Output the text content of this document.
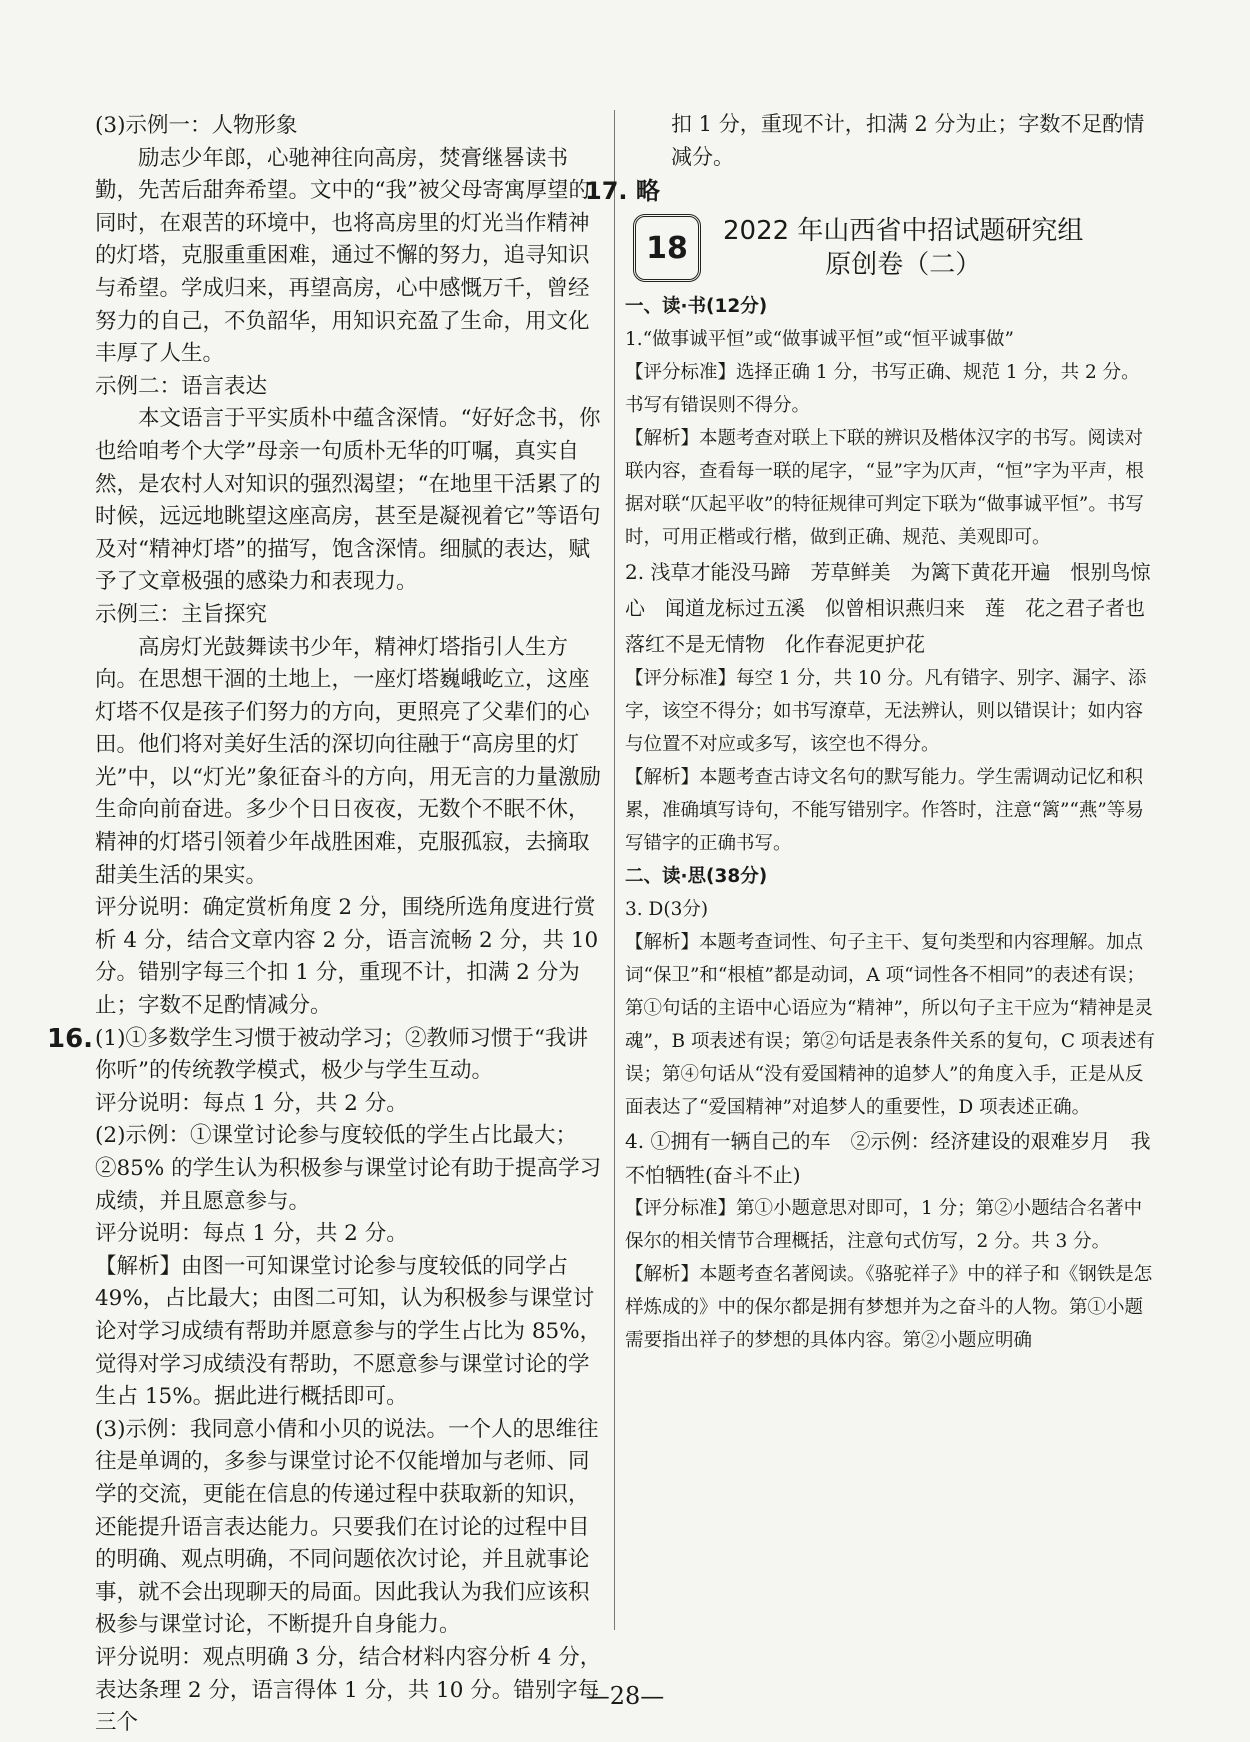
(3)示例一：人物形象

励志少年郎，心驰神往向高房，焚膏继晷读书勤，先苦后甜奔希望。文中的“我”被父母寄寓厚望的同时，在艰苦的环境中，也将高房里的灯光当作精神的灯塔，克服重重困难，通过不懈的努力，追寻知识与希望。学成归来，再望高房，心中感慨万千，曾经努力的自己，不负韶华，用知识充盈了生命，用文化丰厚了人生。

示例二：语言表达

本文语言于平实质朴中蕴含深情。“好好念书，你也给咱考个大学”母亲一句质朴无华的叮嘱，真实自然，是农村人对知识的强烈渴望；“在地里干活累了的时候，远远地眺望这座高房，甚至是凝视着它”等语句及对“精神灯塔”的描写，饱含深情。细腻的表达，赋予了文章极强的感染力和表现力。

示例三：主旨探究

高房灯光鼓舞读书少年，精神灯塔指引人生方向。在思想干涸的土地上，一座灯塔巍峨屹立，这座灯塔不仅是孩子们努力的方向，更照亮了父辈们的心田。他们将对美好生活的深切向往融于“高房里的灯光”中，以“灯光”象征奋斗的方向，用无言的力量激励生命向前奋进。多少个日日夜夜，无数个不眠不休，精神的灯塔引领着少年战胜困难，克服孤寂，去摘取甜美生活的果实。

评分说明：确定赏析角度 2 分，围绕所选角度进行赏析 4 分，结合文章内容 2 分，语言流畅 2 分，共 10 分。错别字每三个扣 1 分，重现不计，扣满 2 分为止；字数不足酌情减分。

16. (1)①多数学生习惯于被动学习；②教师习惯于“我讲你听”的传统教学模式，极少与学生互动。

评分说明：每点 1 分，共 2 分。

(2)示例：①课堂讨论参与度较低的学生占比最大；②85% 的学生认为积极参与课堂讨论有助于提高学习成绩，并且愿意参与。

评分说明：每点 1 分，共 2 分。

【解析】由图一可知课堂讨论参与度较低的同学占 49%，占比最大；由图二可知，认为积极参与课堂讨论对学习成绩有帮助并愿意参与的学生占比为 85%，觉得对学习成绩没有帮助，不愿意参与课堂讨论的学生占 15%。据此进行概括即可。

(3)示例：我同意小倩和小贝的说法。一个人的思维往往是单调的，多参与课堂讨论不仅能增加与老师、同学的交流，更能在信息的传递过程中获取新的知识，还能提升语言表达能力。只要我们在讨论的过程中目的明确、观点明确，不同问题依次讨论，并且就事论事，就不会出现聊天的局面。因此我认为我们应该积极参与课堂讨论，不断提升自身能力。

评分说明：观点明确 3 分，结合材料内容分析 4 分，表达条理 2 分，语言得体 1 分，共 10 分。错别字每三个

扣 1 分，重现不计，扣满 2 分为止；字数不足酌情减分。

17. 略

18	2022 年山西省中招试题研究组
原创卷（二）

一、读·书(12分)

1.“做事诚平恒”或“做事诚平恒”或“恒平诚事做”

【评分标准】选择正确 1 分，书写正确、规范 1 分，共 2 分。书写有错误则不得分。

【解析】本题考查对联上下联的辨识及楷体汉字的书写。阅读对联内容，查看每一联的尾字，“显”字为仄声，“恒”字为平声，根据对联“仄起平收”的特征规律可判定下联为“做事诚平恒”。书写时，可用正楷或行楷，做到正确、规范、美观即可。

2. 浅草才能没马蹄　芳草鲜美　为篱下黄花开遍　恨别鸟惊心　闻道龙标过五溪　似曾相识燕归来　莲　花之君子者也　落红不是无情物　化作春泥更护花

【评分标准】每空 1 分，共 10 分。凡有错字、别字、漏字、添字，该空不得分；如书写潦草，无法辨认，则以错误计；如内容与位置不对应或多写，该空也不得分。

【解析】本题考查古诗文名句的默写能力。学生需调动记忆和积累，准确填写诗句，不能写错别字。作答时，注意“篱”“燕”等易写错字的正确书写。

二、读·思(38分)

3. D(3分)

【解析】本题考查词性、句子主干、复句类型和内容理解。加点词“保卫”和“根植”都是动词，A 项“词性各不相同”的表述有误；第①句话的主语中心语应为“精神”，所以句子主干应为“精神是灵魂”，B 项表述有误；第②句话是表条件关系的复句，C 项表述有误；第④句话从“没有爱国精神的追梦人”的角度入手，正是从反面表达了“爱国精神”对追梦人的重要性，D 项表述正确。

4. ①拥有一辆自己的车　②示例：经济建设的艰难岁月　我不怕牺牲(奋斗不止)

【评分标准】第①小题意思对即可，1 分；第②小题结合名著中保尔的相关情节合理概括，注意句式仿写，2 分。共 3 分。

【解析】本题考查名著阅读。《骆驼祥子》中的祥子和《钢铁是怎样炼成的》中的保尔都是拥有梦想并为之奋斗的人物。第①小题需要指出祥子的梦想的具体内容。第②小题应明确

—28—
